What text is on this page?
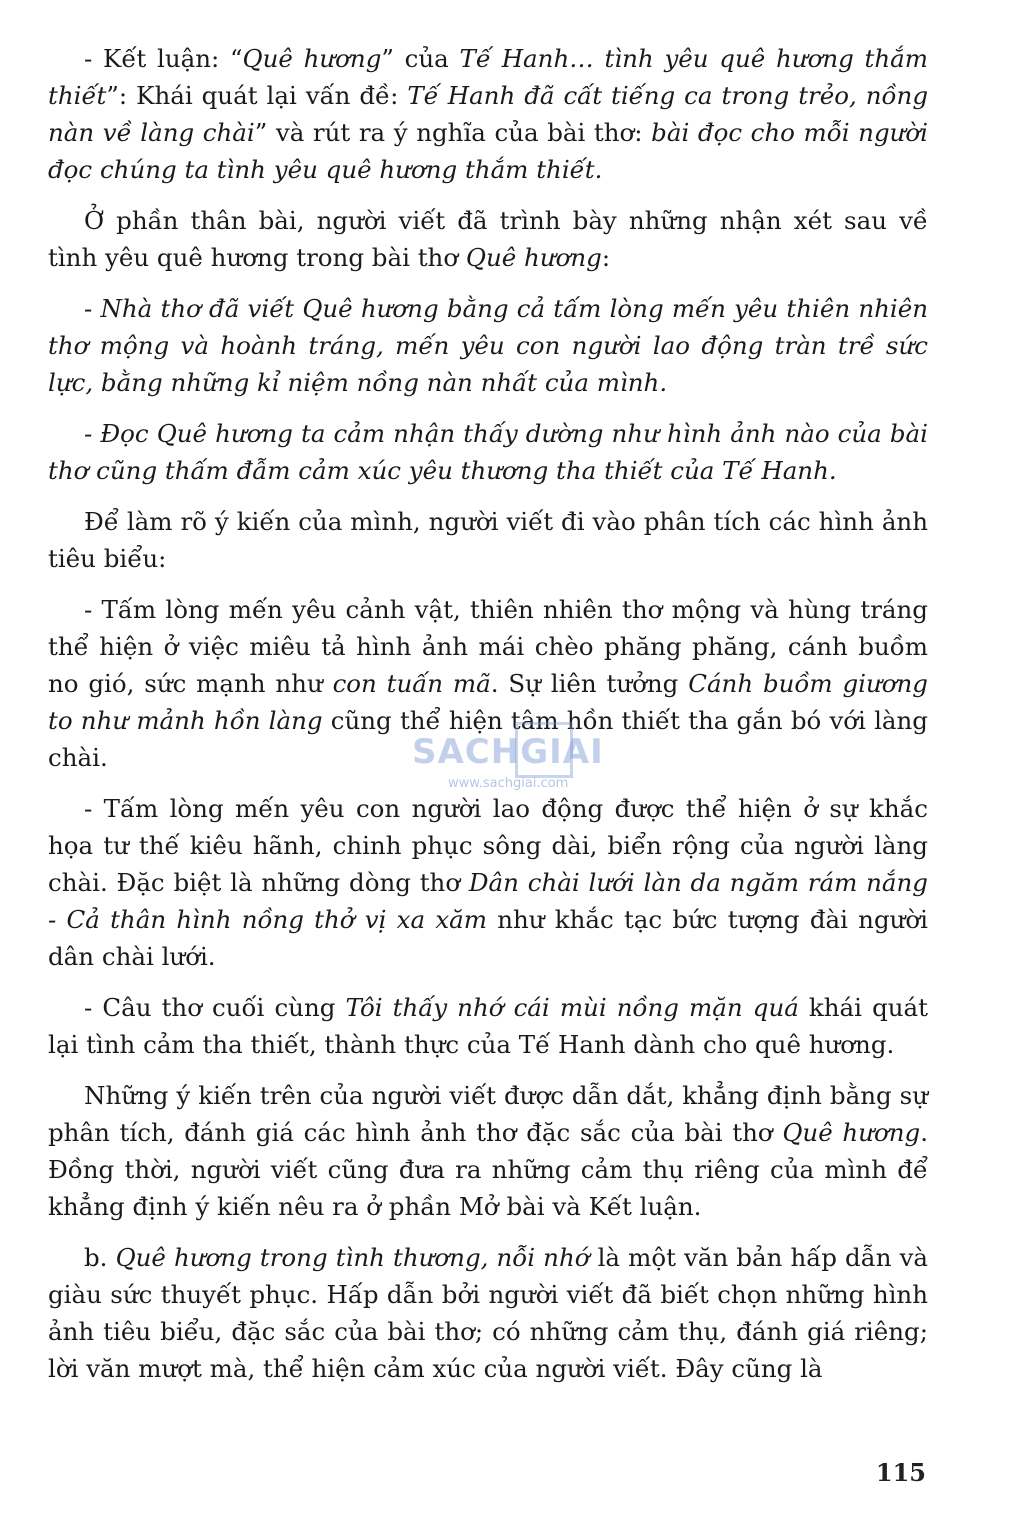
- Kết luận: “Quê hương” của Tế Hanh… tình yêu quê hương thắm thiết”: Khái quát lại vấn đề: Tế Hanh đã cất tiếng ca trong trẻo, nồng nàn về làng chài” và rút ra ý nghĩa của bài thơ: bài đọc cho mỗi người đọc chúng ta tình yêu quê hương thắm thiết.

Ở phần thân bài, người viết đã trình bày những nhận xét sau về tình yêu quê hương trong bài thơ Quê hương:

- Nhà thơ đã viết Quê hương bằng cả tấm lòng mến yêu thiên nhiên thơ mộng và hoành tráng, mến yêu con người lao động tràn trề sức lực, bằng những kỉ niệm nồng nàn nhất của mình.

- Đọc Quê hương ta cảm nhận thấy dường như hình ảnh nào của bài thơ cũng thấm đẫm cảm xúc yêu thương tha thiết của Tế Hanh.

Để làm rõ ý kiến của mình, người viết đi vào phân tích các hình ảnh tiêu biểu:

- Tấm lòng mến yêu cảnh vật, thiên nhiên thơ mộng và hùng tráng thể hiện ở việc miêu tả hình ảnh mái chèo phăng phăng, cánh buồm no gió, sức mạnh như con tuấn mã. Sự liên tưởng Cánh buồm giương to như mảnh hồn làng cũng thể hiện tâm hồn thiết tha gắn bó với làng chài.

- Tấm lòng mến yêu con người lao động được thể hiện ở sự khắc họa tư thế kiêu hãnh, chinh phục sông dài, biển rộng của người làng chài. Đặc biệt là những dòng thơ Dân chài lưới làn da ngăm rám nắng - Cả thân hình nồng thở vị xa xăm như khắc tạc bức tượng đài người dân chài lưới.

- Câu thơ cuối cùng Tôi thấy nhớ cái mùi nồng mặn quá khái quát lại tình cảm tha thiết, thành thực của Tế Hanh dành cho quê hương.

Những ý kiến trên của người viết được dẫn dắt, khẳng định bằng sự phân tích, đánh giá các hình ảnh thơ đặc sắc của bài thơ Quê hương. Đồng thời, người viết cũng đưa ra những cảm thụ riêng của mình để khẳng định ý kiến nêu ra ở phần Mở bài và Kết luận.

b. Quê hương trong tình thương, nỗi nhớ là một văn bản hấp dẫn và giàu sức thuyết phục. Hấp dẫn bởi người viết đã biết chọn những hình ảnh tiêu biểu, đặc sắc của bài thơ; có những cảm thụ, đánh giá riêng; lời văn mượt mà, thể hiện cảm xúc của người viết. Đây cũng là

SACHGIAI
www.sachgiai.com
115
